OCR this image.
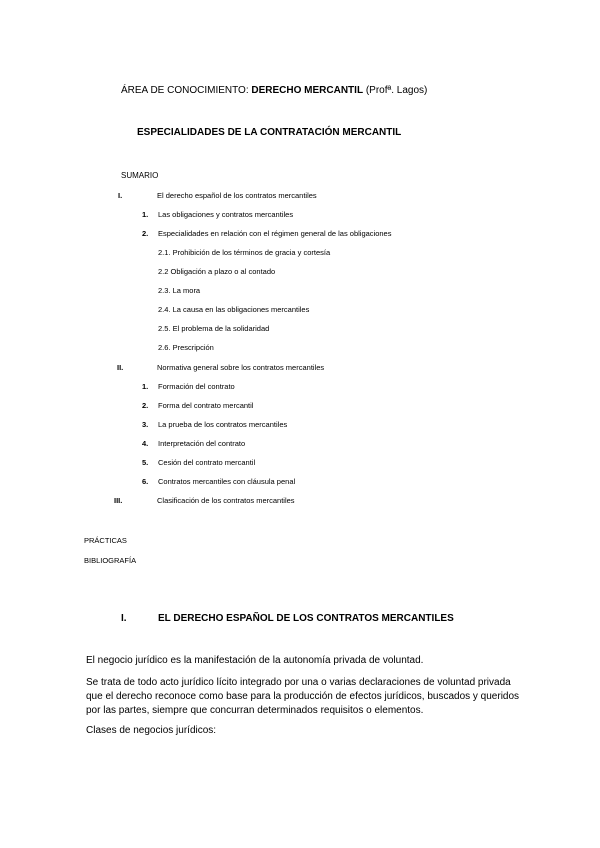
ÁREA DE CONOCIMIENTO: DERECHO MERCANTIL (Profª. Lagos)
ESPECIALIDADES DE LA CONTRATACIÓN MERCANTIL
SUMARIO
I.	El derecho español de los contratos mercantiles
1. Las obligaciones y contratos mercantiles
2. Especialidades en relación con el régimen general de las obligaciones
2.1. Prohibición de los términos de gracia y cortesía
2.2 Obligación a plazo o al contado
2.3. La mora
2.4. La causa en las obligaciones mercantiles
2.5. El problema de la solidaridad
2.6. Prescripción
II.	Normativa general sobre los contratos mercantiles
1. Formación del contrato
2. Forma del contrato mercantil
3. La prueba de los contratos mercantiles
4. Interpretación del contrato
5. Cesión del contrato mercantil
6. Contratos mercantiles con cláusula penal
III.	Clasificación de los contratos mercantiles
PRÁCTICAS
BIBLIOGRAFÍA
I.	EL DERECHO ESPAÑOL DE LOS CONTRATOS MERCANTILES
El negocio jurídico es la manifestación de la autonomía privada de voluntad.
Se trata de todo acto jurídico lícito integrado por una o varias declaraciones de voluntad privada que el derecho reconoce como base para la producción de efectos jurídicos, buscados y queridos por las partes, siempre que concurran determinados requisitos o elementos.
Clases de negocios jurídicos:
